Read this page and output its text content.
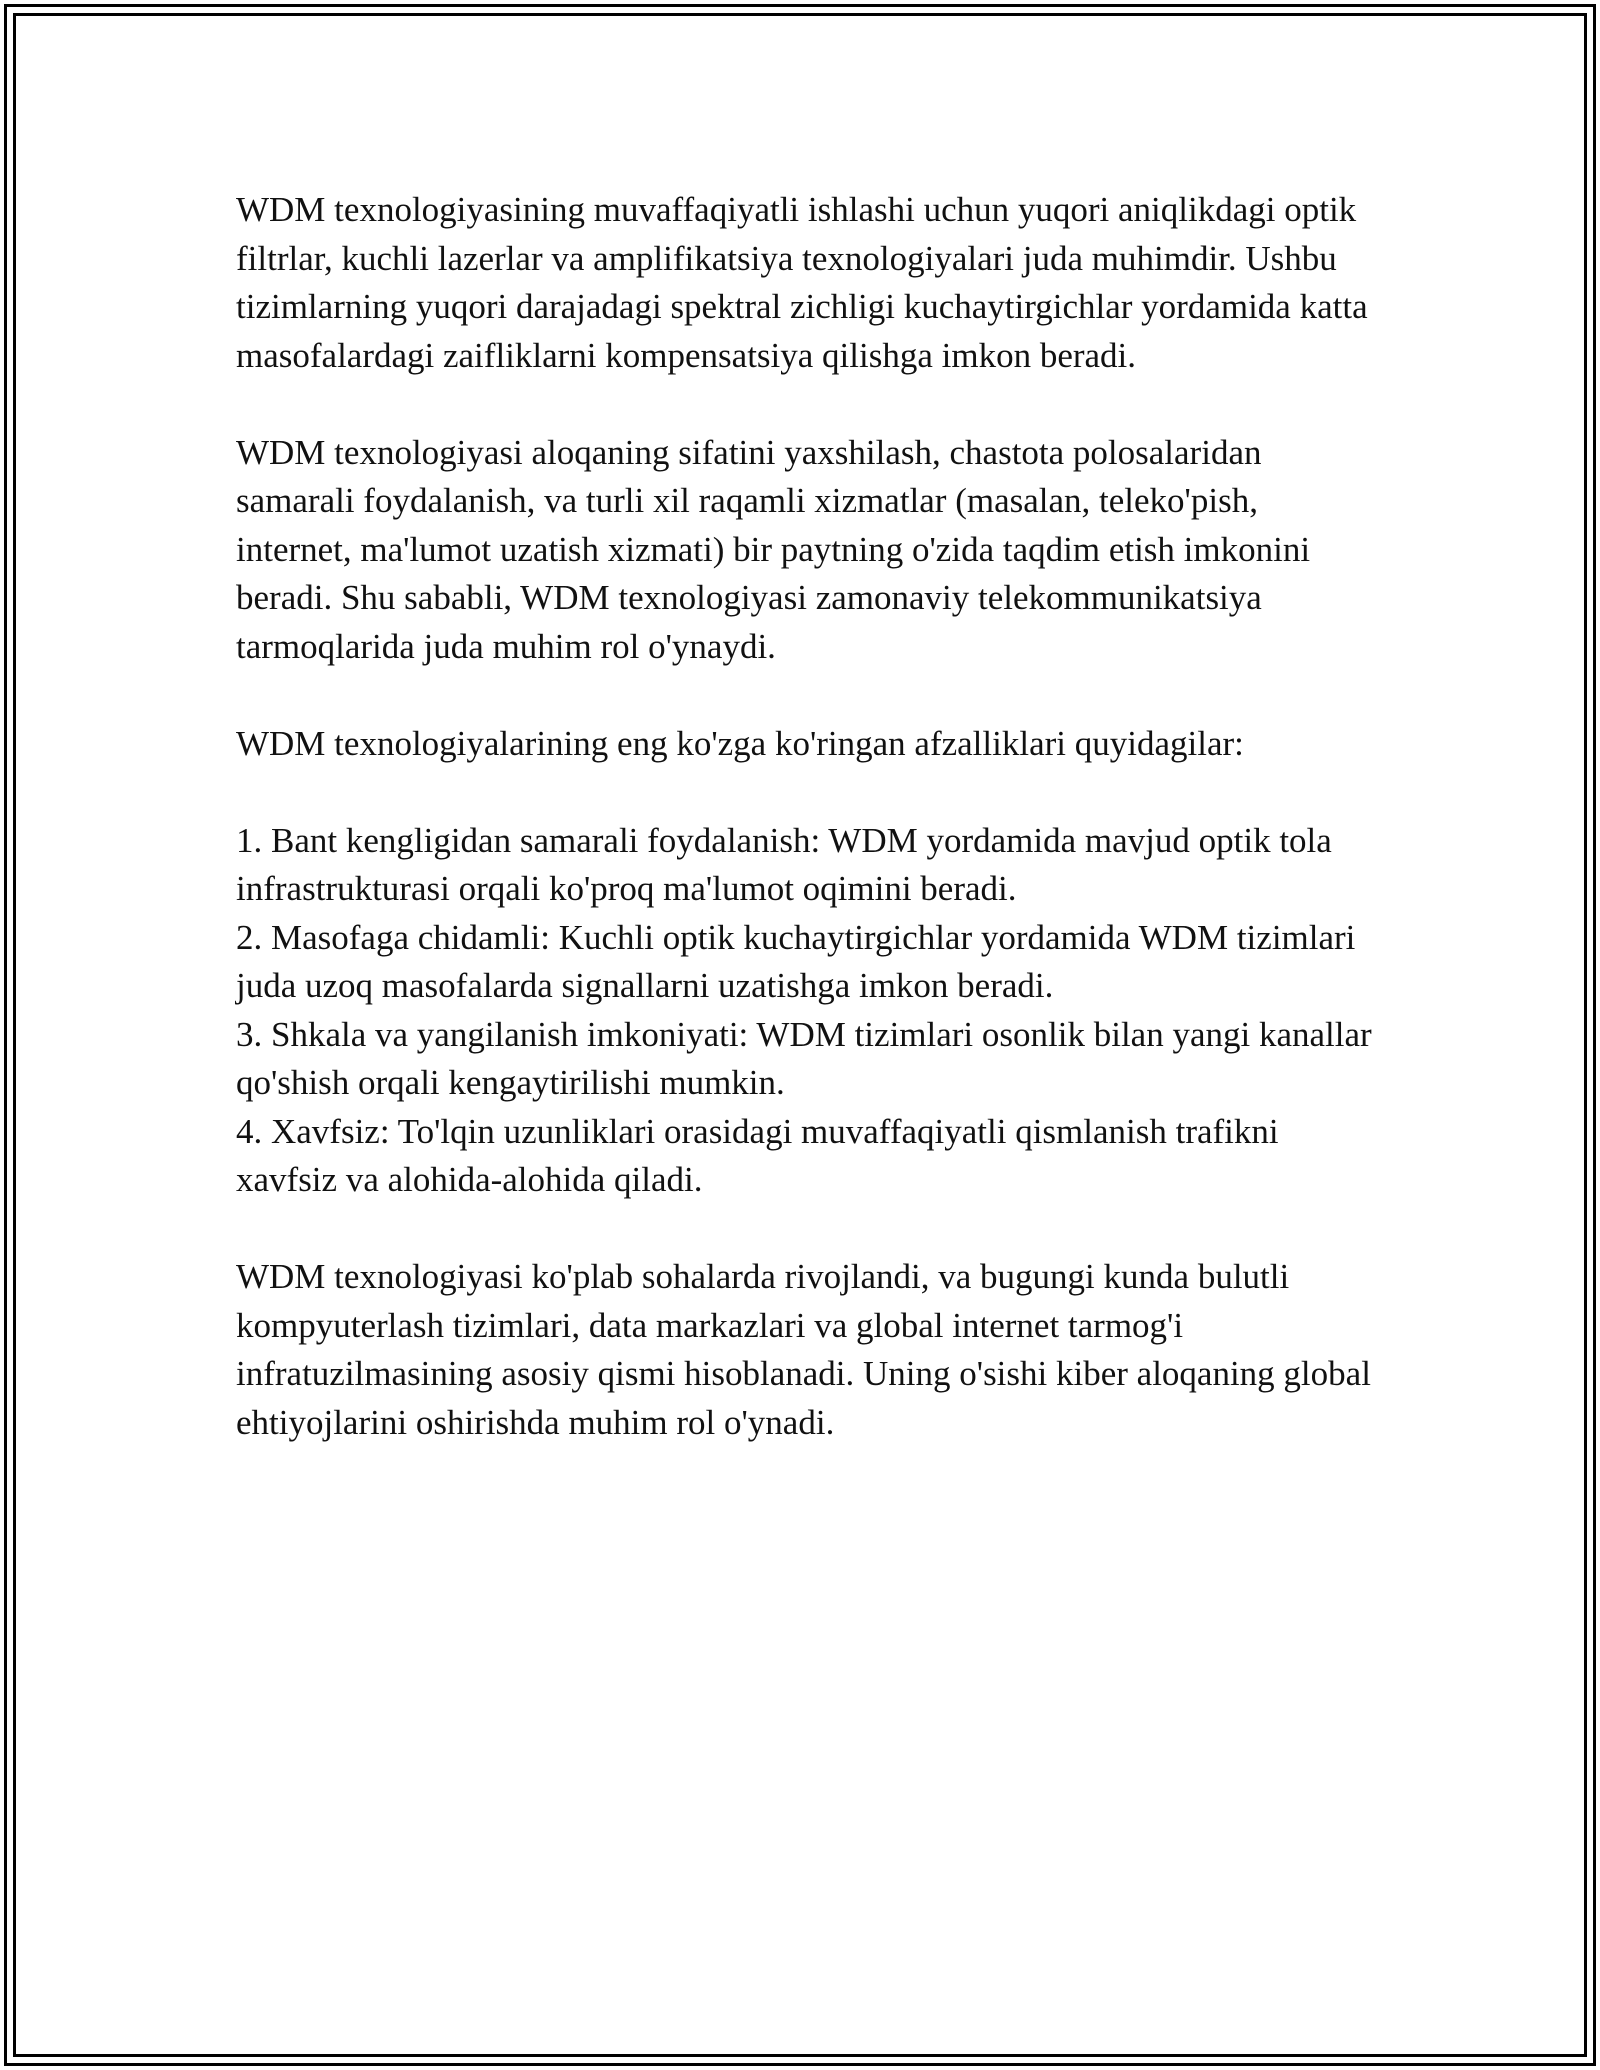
WDM texnologiyasining muvaffaqiyatli ishlashi uchun yuqori aniqlikdagi optik filtrlar, kuchli lazerlar va amplifikatsiya texnologiyalari juda muhimdir. Ushbu tizimlarning yuqori darajadagi spektral zichligi kuchaytirgichlar yordamida katta masofalardagi zaifliklarni kompensatsiya qilishga imkon beradi.

WDM texnologiyasi aloqaning sifatini yaxshilash, chastota polosalaridan samarali foydalanish, va turli xil raqamli xizmatlar (masalan, teleko'pish, internet, ma'lumot uzatish xizmati) bir paytning o'zida taqdim etish imkonini beradi. Shu sababli, WDM texnologiyasi zamonaviy telekommunikatsiya tarmoqlarida juda muhim rol o'ynaydi.

WDM texnologiyalarining eng ko'zga ko'ringan afzalliklari quyidagilar:

1. Bant kengligidan samarali foydalanish: WDM yordamida mavjud optik tola infrastrukturasi orqali ko'proq ma'lumot oqimini beradi.
2. Masofaga chidamli: Kuchli optik kuchaytirgichlar yordamida WDM tizimlari juda uzoq masofalarda signallarni uzatishga imkon beradi.
3. Shkala va yangilanish imkoniyati: WDM tizimlari osonlik bilan yangi kanallar qo'shish orqali kengaytirilishi mumkin.
4. Xavfsiz: To'lqin uzunliklari orasidagi muvaffaqiyatli qismlanish trafikni xavfsiz va alohida-alohida qiladi.

WDM texnologiyasi ko'plab sohalarda rivojlandi, va bugungi kunda bulutli kompyuterlash tizimlari, data markazlari va global internet tarmog'i infratuzilmasining asosiy qismi hisoblanadi. Uning o'sishi kiber aloqaning global ehtiyojlarini oshirishda muhim rol o'ynadi.
